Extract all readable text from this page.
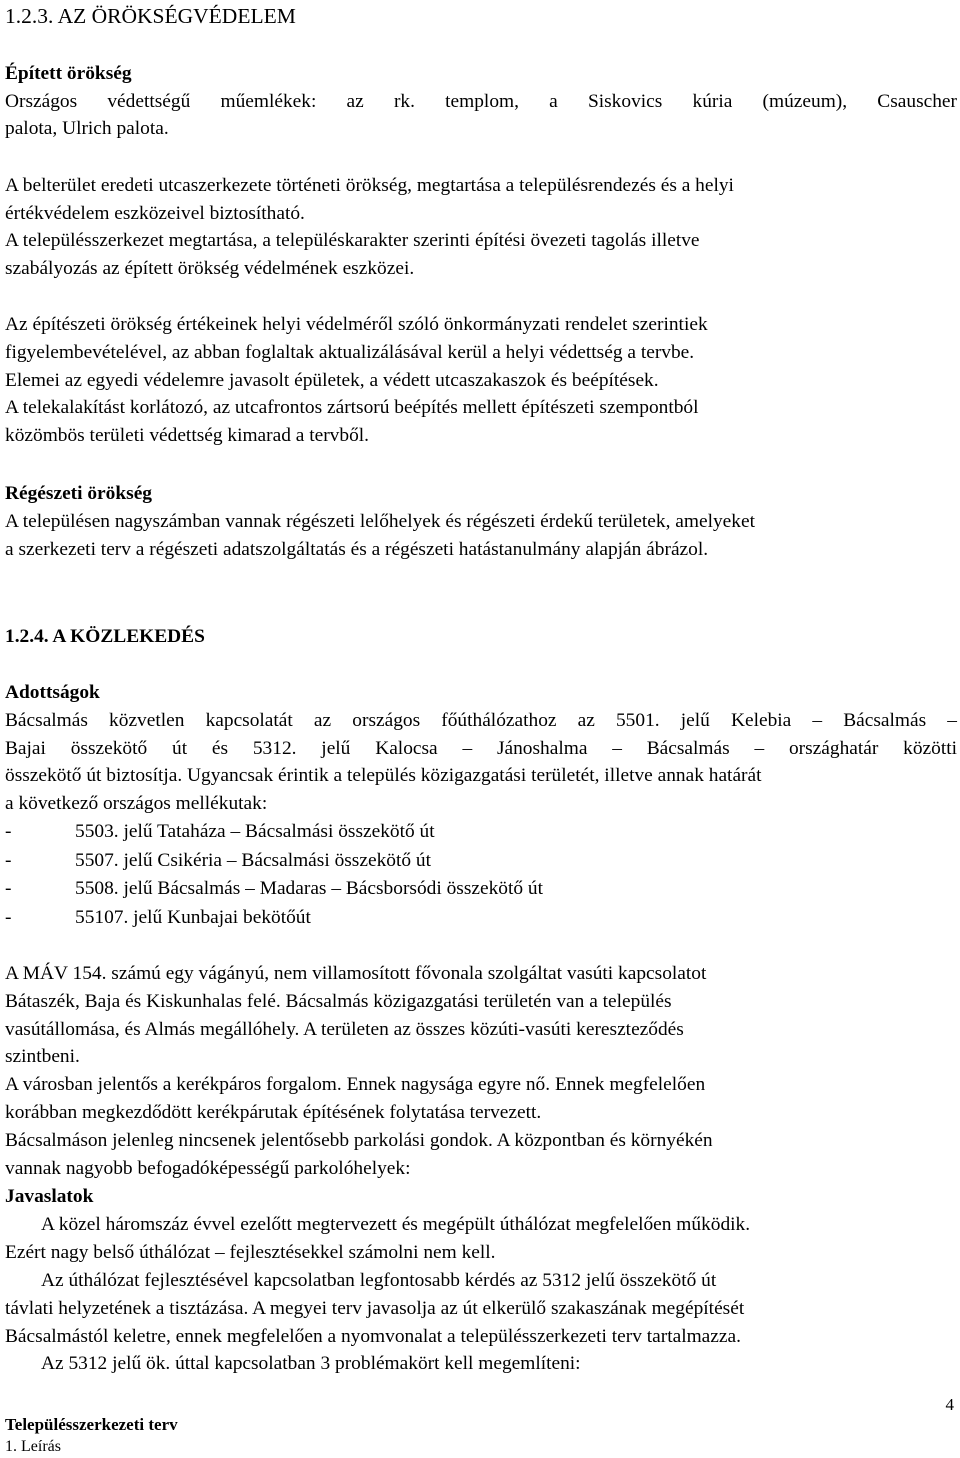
1.2.3. AZ ÖRÖKSÉGVÉDELEM
Épített örökség
Országos védettségű műemlékek: az rk. templom, a Siskovics kúria (múzeum), Csauscher
palota, Ulrich palota.
A belterület eredeti utcaszerkezete történeti örökség, megtartása a településrendezés és a helyi
értékvédelem eszközeivel biztosítható.
A településszerkezet megtartása, a településkarakter szerinti építési övezeti tagolás illetve
szabályozás az épített örökség védelmének eszközei.
Az építészeti örökség értékeinek helyi védelméről szóló önkormányzati rendelet szerintiek
figyelembevételével, az abban foglaltak aktualizálásával kerül a helyi védettség a tervbe.
Elemei az egyedi védelemre javasolt épületek, a védett utcaszakaszok és beépítések.
A telekalakítást korlátozó, az utcafrontos zártsorú beépítés mellett építészeti szempontból
közömbös területi védettség kimarad a tervből.
Régészeti örökség
A településen nagyszámban vannak régészeti lelőhelyek és régészeti érdekű területek, amelyeket
a szerkezeti terv a régészeti adatszolgáltatás és a régészeti hatástanulmány alapján ábrázol.
1.2.4. A KÖZLEKEDÉS
Adottságok
Bácsalmás közvetlen kapcsolatát az országos főúthálózathoz az 5501. jelű Kelebia – Bácsalmás –
Bajai összekötő út és 5312. jelű Kalocsa – Jánoshalma – Bácsalmás – országhatár közötti
összekötő út biztosítja. Ugyancsak érintik a település közigazgatási területét, illetve annak határát
a következő országos mellékutak:
-	5503. jelű Tataháza – Bácsalmási összekötő út
-	5507. jelű Csikéria – Bácsalmási összekötő út
-	5508. jelű Bácsalmás – Madaras – Bácsborsódi összekötő út
-	55107. jelű Kunbajai bekötőút
A MÁV 154. számú egy vágányú, nem villamosított fővonala szolgáltat vasúti kapcsolatot
Bátaszék, Baja és Kiskunhalas felé. Bácsalmás közigazgatási területén van a település
vasútállomása, és Almás megállóhely. A területen az összes közúti-vasúti kereszteződés
szintbeni.
A városban jelentős a kerékpáros forgalom. Ennek nagysága egyre nő. Ennek megfelelően
korábban megkezdődött kerékpárutak építésének folytatása tervezett.
Bácsalmáson jelenleg nincsenek jelentősebb parkolási gondok. A központban és környékén
vannak nagyobb befogadóképességű parkolóhelyek:
Javaslatok
A közel háromszáz évvel ezelőtt megtervezett és megépült úthálózat megfelelően működik.
Ezért nagy belső úthálózat – fejlesztésekkel számolni nem kell.
Az úthálózat fejlesztésével kapcsolatban legfontosabb kérdés az 5312 jelű összekötő út
távlati helyzetének a tisztázása. A megyei terv javasolja az út elkerülő szakaszának megépítését
Bácsalmástól keletre, ennek megfelelően a nyomvonalat a településszerkezeti terv tartalmazza.
Az 5312 jelű ök. úttal kapcsolatban 3 problémakört kell megemlíteni:
4
Településszerkezeti terv
1. Leírás
